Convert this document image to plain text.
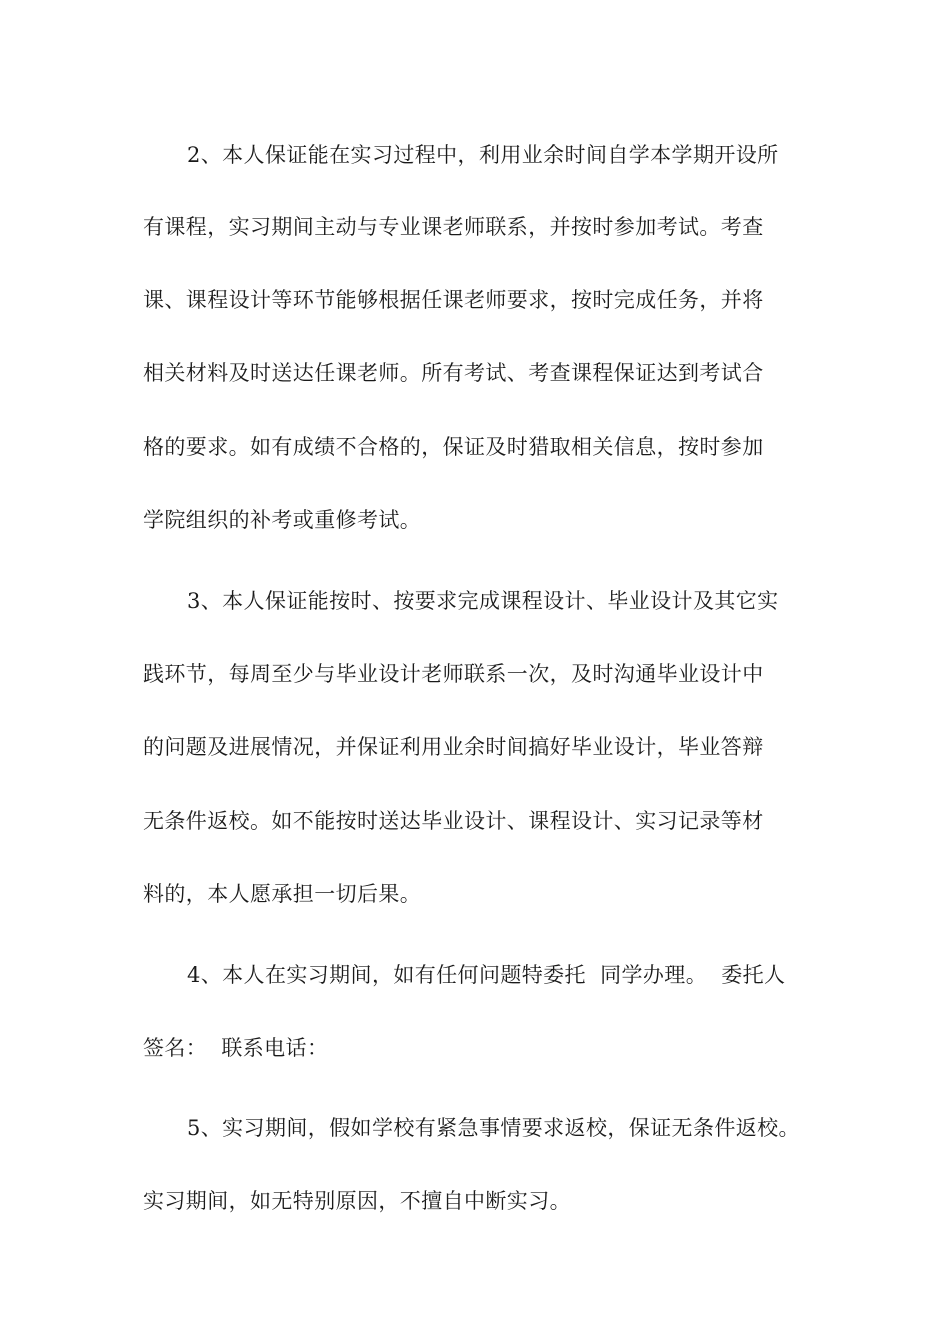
2、本人保证能在实习过程中，利用业余时间自学本学期开设所
有课程，实习期间主动与专业课老师联系，并按时参加考试。考查
课、课程设计等环节能够根据任课老师要求，按时完成任务，并将
相关材料及时送达任课老师。所有考试、考查课程保证达到考试合
格的要求。如有成绩不合格的，保证及时猎取相关信息，按时参加
学院组织的补考或重修考试。
3、本人保证能按时、按要求完成课程设计、毕业设计及其它实
践环节，每周至少与毕业设计老师联系一次，及时沟通毕业设计中
的问题及进展情况，并保证利用业余时间搞好毕业设计，毕业答辩
无条件返校。如不能按时送达毕业设计、课程设计、实习记录等材
料的，本人愿承担一切后果。
4、本人在实习期间，如有任何问题特委托  同学办理。  委托人
签名：  联系电话：
5、实习期间，假如学校有紧急事情要求返校，保证无条件返校。
实习期间，如无特别原因，不擅自中断实习。
